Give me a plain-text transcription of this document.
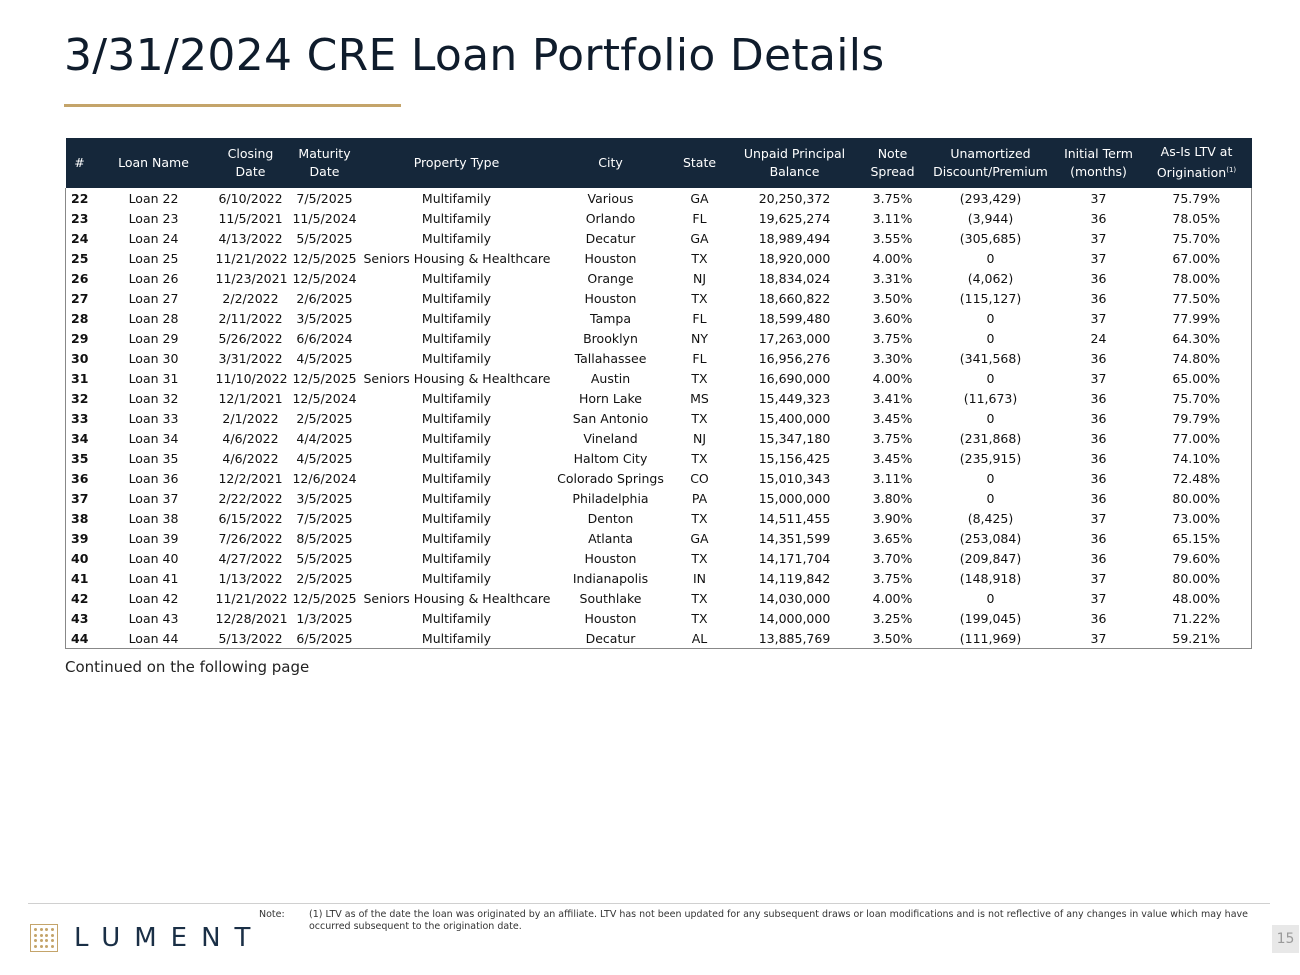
3/31/2024 CRE Loan Portfolio Details
#	Loan Name	Closing Date	Maturity Date	Property Type	City	State	Unpaid Principal Balance	Note Spread	Unamortized Discount/Premium	Initial Term (months)	As-Is LTV at Origination$^{(1)}$
22	Loan 22	6/10/2022	7/5/2025	Multifamily	Various	GA	20,250,372	3.75%	(293,429)	37	75.79%
23	Loan 23	11/5/2021	11/5/2024	Multifamily	Orlando	FL	19,625,274	3.11%	(3,944)	36	78.05%
24	Loan 24	4/13/2022	5/5/2025	Multifamily	Decatur	GA	18,989,494	3.55%	(305,685)	37	75.70%
25	Loan 25	11/21/2022	12/5/2025	Seniors Housing & Healthcare	Houston	TX	18,920,000	4.00%	0	37	67.00%
26	Loan 26	11/23/2021	12/5/2024	Multifamily	Orange	NJ	18,834,024	3.31%	(4,062)	36	78.00%
27	Loan 27	2/2/2022	2/6/2025	Multifamily	Houston	TX	18,660,822	3.50%	(115,127)	36	77.50%
28	Loan 28	2/11/2022	3/5/2025	Multifamily	Tampa	FL	18,599,480	3.60%	0	37	77.99%
29	Loan 29	5/26/2022	6/6/2024	Multifamily	Brooklyn	NY	17,263,000	3.75%	0	24	64.30%
30	Loan 30	3/31/2022	4/5/2025	Multifamily	Tallahassee	FL	16,956,276	3.30%	(341,568)	36	74.80%
31	Loan 31	11/10/2022	12/5/2025	Seniors Housing & Healthcare	Austin	TX	16,690,000	4.00%	0	37	65.00%
32	Loan 32	12/1/2021	12/5/2024	Multifamily	Horn Lake	MS	15,449,323	3.41%	(11,673)	36	75.70%
33	Loan 33	2/1/2022	2/5/2025	Multifamily	San Antonio	TX	15,400,000	3.45%	0	36	79.79%
34	Loan 34	4/6/2022	4/4/2025	Multifamily	Vineland	NJ	15,347,180	3.75%	(231,868)	36	77.00%
35	Loan 35	4/6/2022	4/5/2025	Multifamily	Haltom City	TX	15,156,425	3.45%	(235,915)	36	74.10%
36	Loan 36	12/2/2021	12/6/2024	Multifamily	Colorado Springs	CO	15,010,343	3.11%	0	36	72.48%
37	Loan 37	2/22/2022	3/5/2025	Multifamily	Philadelphia	PA	15,000,000	3.80%	0	36	80.00%
38	Loan 38	6/15/2022	7/5/2025	Multifamily	Denton	TX	14,511,455	3.90%	(8,425)	37	73.00%
39	Loan 39	7/26/2022	8/5/2025	Multifamily	Atlanta	GA	14,351,599	3.65%	(253,084)	36	65.15%
40	Loan 40	4/27/2022	5/5/2025	Multifamily	Houston	TX	14,171,704	3.70%	(209,847)	36	79.60%
41	Loan 41	1/13/2022	2/5/2025	Multifamily	Indianapolis	IN	14,119,842	3.75%	(148,918)	37	80.00%
42	Loan 42	11/21/2022	12/5/2025	Seniors Housing & Healthcare	Southlake	TX	14,030,000	4.00%	0	37	48.00%
43	Loan 43	12/28/2021	1/3/2025	Multifamily	Houston	TX	14,000,000	3.25%	(199,045)	36	71.22%
44	Loan 44	5/13/2022	6/5/2025	Multifamily	Decatur	AL	13,885,769	3.50%	(111,969)	37	59.21%
Continued on the following page
LUMENT
Note:	(1) LTV as of the date the loan was originated by an affiliate. LTV has not been updated for any subsequent draws or loan modifications and is not reflective of any changes in value which may have occurred subsequent to the origination date.
15
